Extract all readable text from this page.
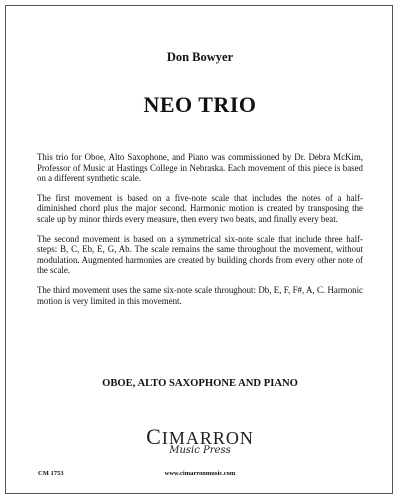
Don Bowyer
NEO TRIO

This trio for Oboe, Alto Saxophone, and Piano was commissioned by Dr. Debra McKim, Professor of Music at Hastings College in Nebraska. Each movement of this piece is based on a different synthetic scale.

The first movement is based on a five-note scale that includes the notes of a half-diminished chord plus the major second. Harmonic motion is created by transposing the scale up by minor thirds every measure, then every two beats, and finally every beat.

The second movement is based on a symmetrical six-note scale that include three half-steps: B, C, Eb, E, G, Ab. The scale remains the same throughout the movement, without modulation. Augmented harmonies are created by building chords from every other note of the scale.

The third movement uses the same six-note scale throughout: Db, E, F, F#, A, C. Harmonic motion is very limited in this movement.

OBOE, ALTO SAXOPHONE AND PIANO
CIMARRON
Music Press
CM 1753	www.cimarronmusic.com
